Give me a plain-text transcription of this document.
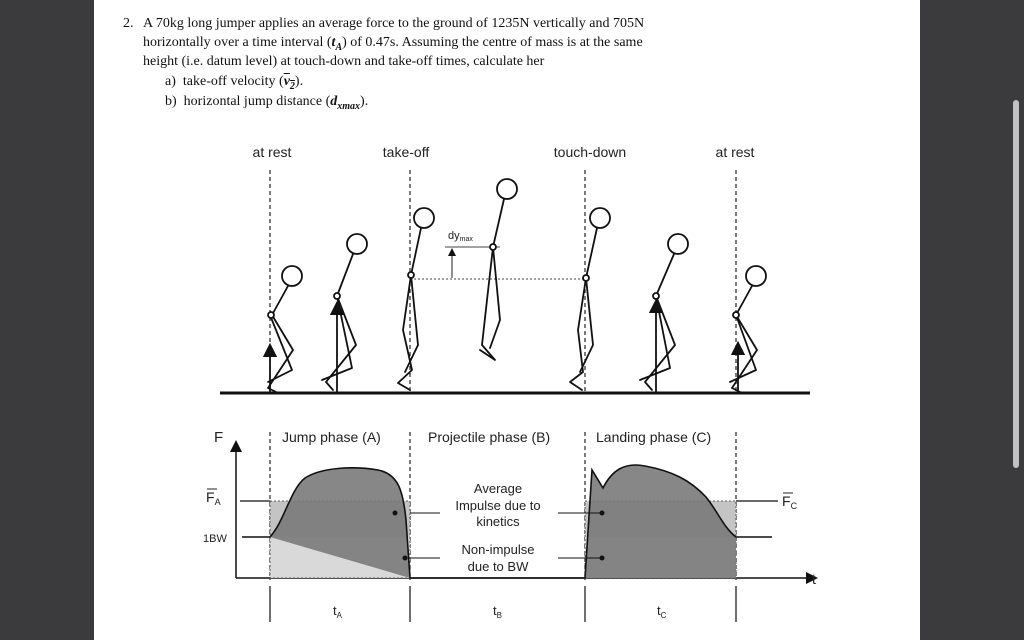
2. A 70kg long jumper applies an average force to the ground of 1235N vertically and 705N
horizontally over a time interval $(t_A)$ of 0.47s. Assuming the centre of mass is at the same
height (i.e. datum level) at touch-down and take-off times, calculate her
a) take-off velocity $(v_2)$.
b) horizontal jump distance $(d_{xmax})$.
at rest	take-off	touch-down	at rest
dymax
F
t
Jump phase (A)	Projectile phase (B)	Landing phase (C)
$F_A$	$F_C$
1BW
Average
Impulse due to
kinetics
Non-impulse
due to BW
$t_A$	$t_B$	$t_C$
